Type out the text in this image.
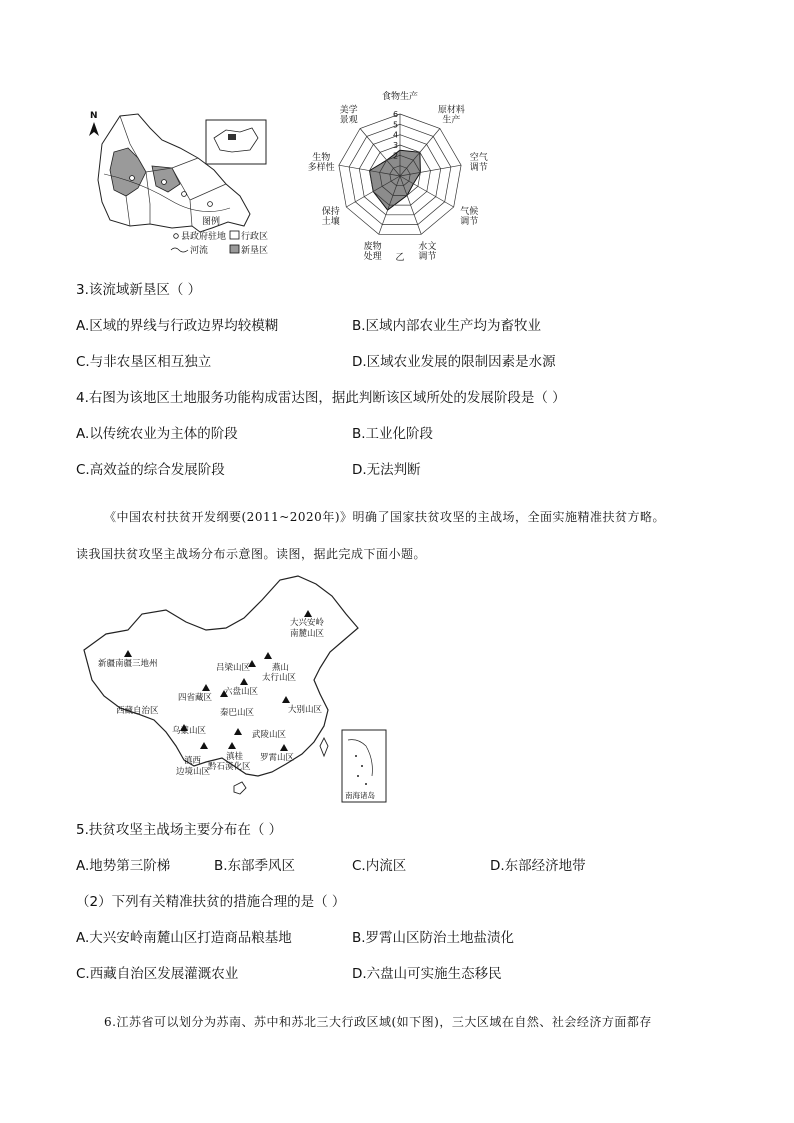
N
图例
县政府驻地 行政区
河流	新垦区
2
3
4
5
6
食物生产
原材料生产
空气调节
气候调节
水文调节
废物处理
保持土壤
生物多样性
美学景观
乙
3.该流域新垦区（ ）
A.区域的界线与行政边界均较模糊	B.区域内部农业生产均为畜牧业
C.与非农垦区相互独立	D.区域农业发展的限制因素是水源
4.右图为该地区土地服务功能构成雷达图，据此判断该区域所处的发展阶段是（ ）
A.以传统农业为主体的阶段	B.工业化阶段
C.高效益的综合发展阶段	D.无法判断
《中国农村扶贫开发纲要(2011~2020年)》明确了国家扶贫攻坚的主战场，全面实施精准扶贫方略。
读我国扶贫攻坚主战场分布示意图。读图，据此完成下面小题。
南海诸岛
大兴安岭
南麓山区
新疆南疆三地州	吕梁山区	燕山
太行山区
六盘山区
四省藏区
秦巴山区	大别山区
西藏自治区
乌蒙山区	武陵山区
滇桂
黔石漠化区
罗霄山区
滇西
边境山区
5.扶贫攻坚主战场主要分布在（ ）
A.地势第三阶梯	B.东部季风区	C.内流区	D.东部经济地带
（2）下列有关精准扶贫的措施合理的是（ ）
A.大兴安岭南麓山区打造商品粮基地	B.罗霄山区防治土地盐渍化
C.西藏自治区发展灌溉农业	D.六盘山可实施生态移民
6.江苏省可以划分为苏南、苏中和苏北三大行政区域(如下图)，三大区域在自然、社会经济方面都存
